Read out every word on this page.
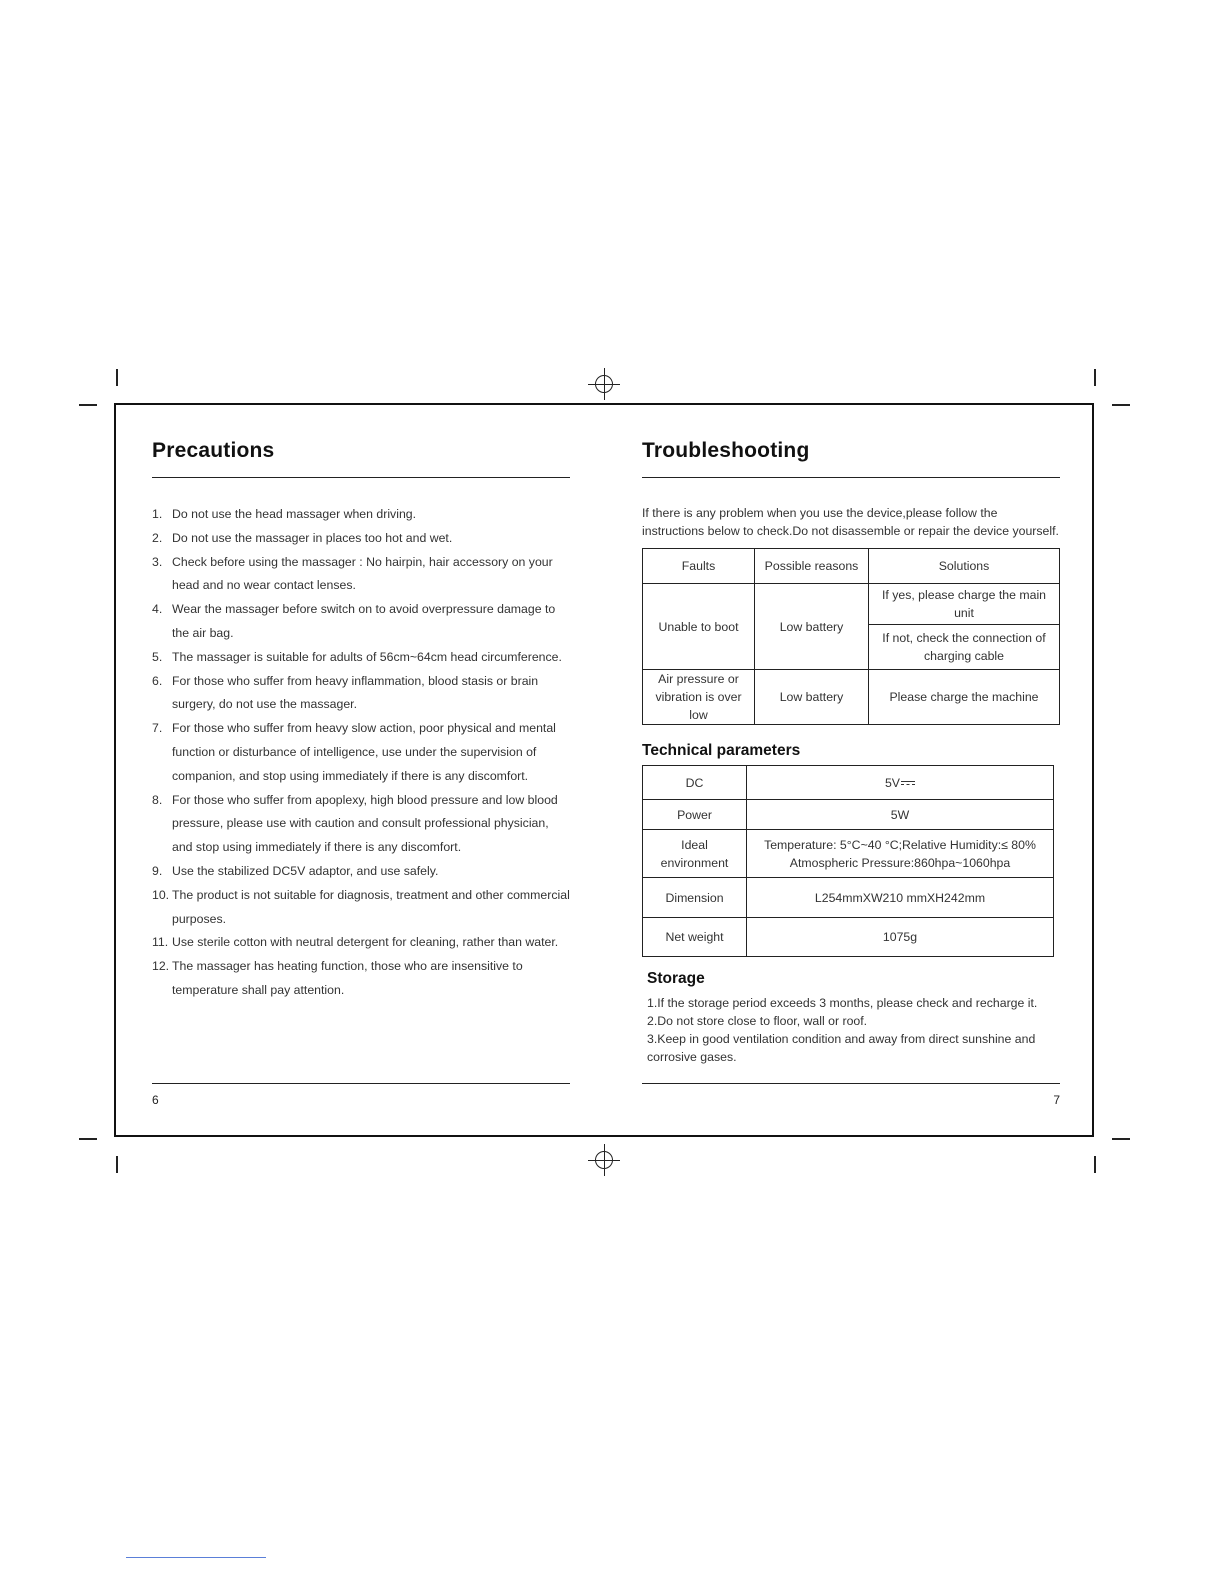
Precautions
1. Do not use the head massager when driving.
2. Do not use the massager in places too hot and wet.
3. Check before using the massager : No hairpin, hair accessory on your head and no wear contact lenses.
4. Wear the massager before switch on to avoid overpressure damage to the air bag.
5. The massager is suitable for adults of 56cm~64cm head circumference.
6. For those who suffer from heavy inflammation, blood stasis or brain surgery, do not use the massager.
7. For those who suffer from heavy slow action, poor physical and mental function or disturbance of intelligence, use under the supervision of companion, and stop using immediately if there is any discomfort.
8. For those who suffer from apoplexy, high blood pressure and low blood pressure, please use with caution and consult professional physician, and stop using immediately if there is any discomfort.
9. Use the stabilized DC5V adaptor, and use safely.
10. The product is not suitable for diagnosis, treatment and other commercial purposes.
11. Use sterile cotton with neutral detergent for cleaning, rather than water.
12. The massager has heating function, those who are insensitive to temperature shall pay attention.
6
Troubleshooting
If there is any problem when you use the device,please follow the instructions below to check.Do not disassemble or repair the device yourself.
Faults	Possible reasons	Solutions
Unable to boot	Low battery	If yes, please charge the main unit
		If not, check the connection of charging cable
Air pressure or vibration is over low	Low battery	Please charge the machine
Technical parameters
DC	5V
Power	5W
Ideal environment	Temperature: 5°C~40 °C;Relative Humidity:≤ 80%
Atmospheric Pressure:860hpa~1060hpa

Dimension	L254mmXW210 mmXH242mm
Net weight	1075g
Storage
1.If the storage period exceeds 3 months, please check and recharge it.
2.Do not store close to floor, wall or roof.
3.Keep in good ventilation condition and away from direct sunshine and corrosive gases.
7
